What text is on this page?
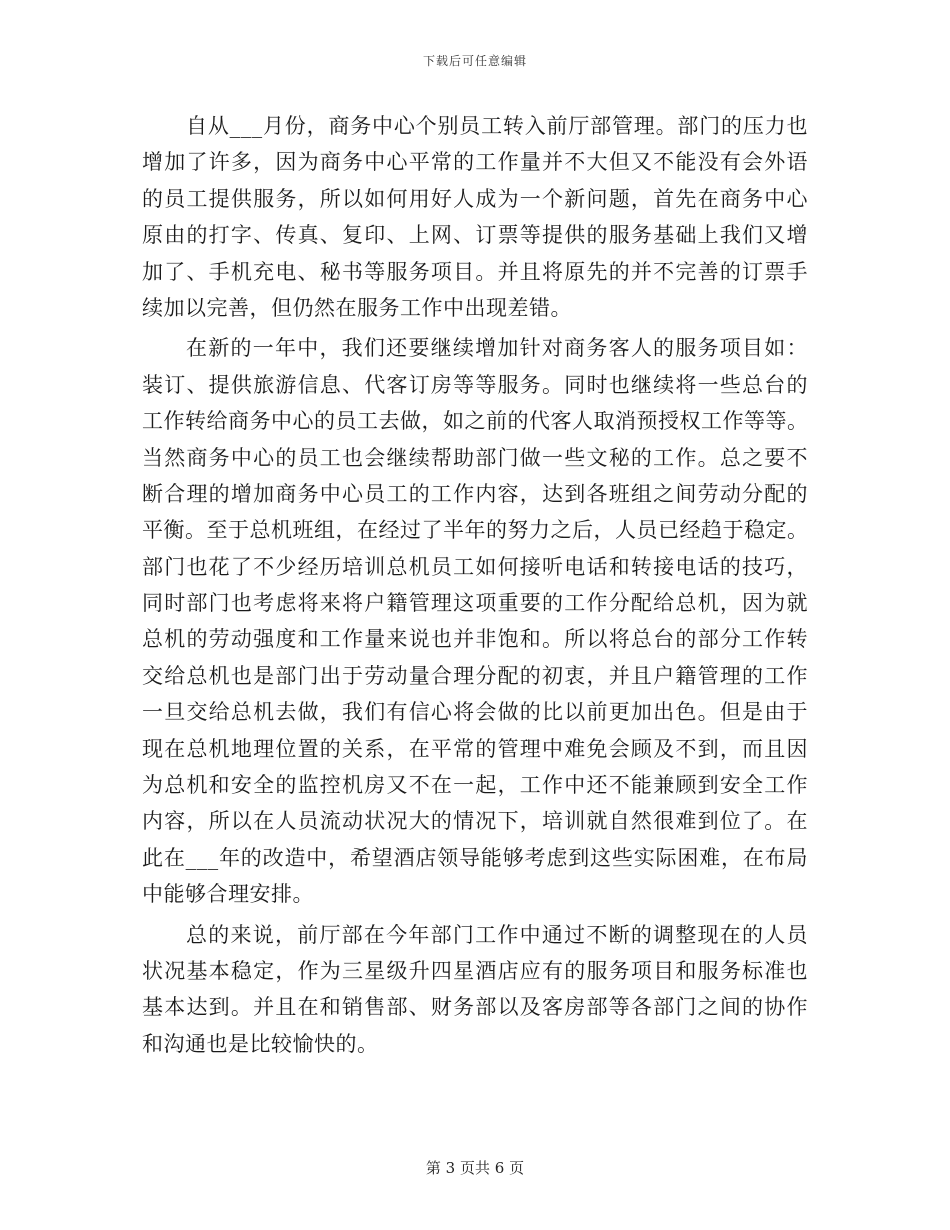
下载后可任意编辑

自从___月份，商务中心个别员工转入前厅部管理。部门的压力也

增加了许多，因为商务中心平常的工作量并不大但又不能没有会外语

的员工提供服务，所以如何用好人成为一个新问题，首先在商务中心

原由的打字、传真、复印、上网、订票等提供的服务基础上我们又增

加了、手机充电、秘书等服务项目。并且将原先的并不完善的订票手

续加以完善，但仍然在服务工作中出现差错。

在新的一年中，我们还要继续增加针对商务客人的服务项目如：

装订、提供旅游信息、代客订房等等服务。同时也继续将一些总台的

工作转给商务中心的员工去做，如之前的代客人取消预授权工作等等。

当然商务中心的员工也会继续帮助部门做一些文秘的工作。总之要不

断合理的增加商务中心员工的工作内容，达到各班组之间劳动分配的

平衡。至于总机班组，在经过了半年的努力之后，人员已经趋于稳定。

部门也花了不少经历培训总机员工如何接听电话和转接电话的技巧，

同时部门也考虑将来将户籍管理这项重要的工作分配给总机，因为就

总机的劳动强度和工作量来说也并非饱和。所以将总台的部分工作转

交给总机也是部门出于劳动量合理分配的初衷，并且户籍管理的工作

一旦交给总机去做，我们有信心将会做的比以前更加出色。但是由于

现在总机地理位置的关系，在平常的管理中难免会顾及不到，而且因

为总机和安全的监控机房又不在一起，工作中还不能兼顾到安全工作

内容，所以在人员流动状况大的情况下，培训就自然很难到位了。在

此在___年的改造中，希望酒店领导能够考虑到这些实际困难，在布局

中能够合理安排。

总的来说，前厅部在今年部门工作中通过不断的调整现在的人员

状况基本稳定，作为三星级升四星酒店应有的服务项目和服务标准也

基本达到。并且在和销售部、财务部以及客房部等各部门之间的协作

和沟通也是比较愉快的。

第 3 页共 6 页
